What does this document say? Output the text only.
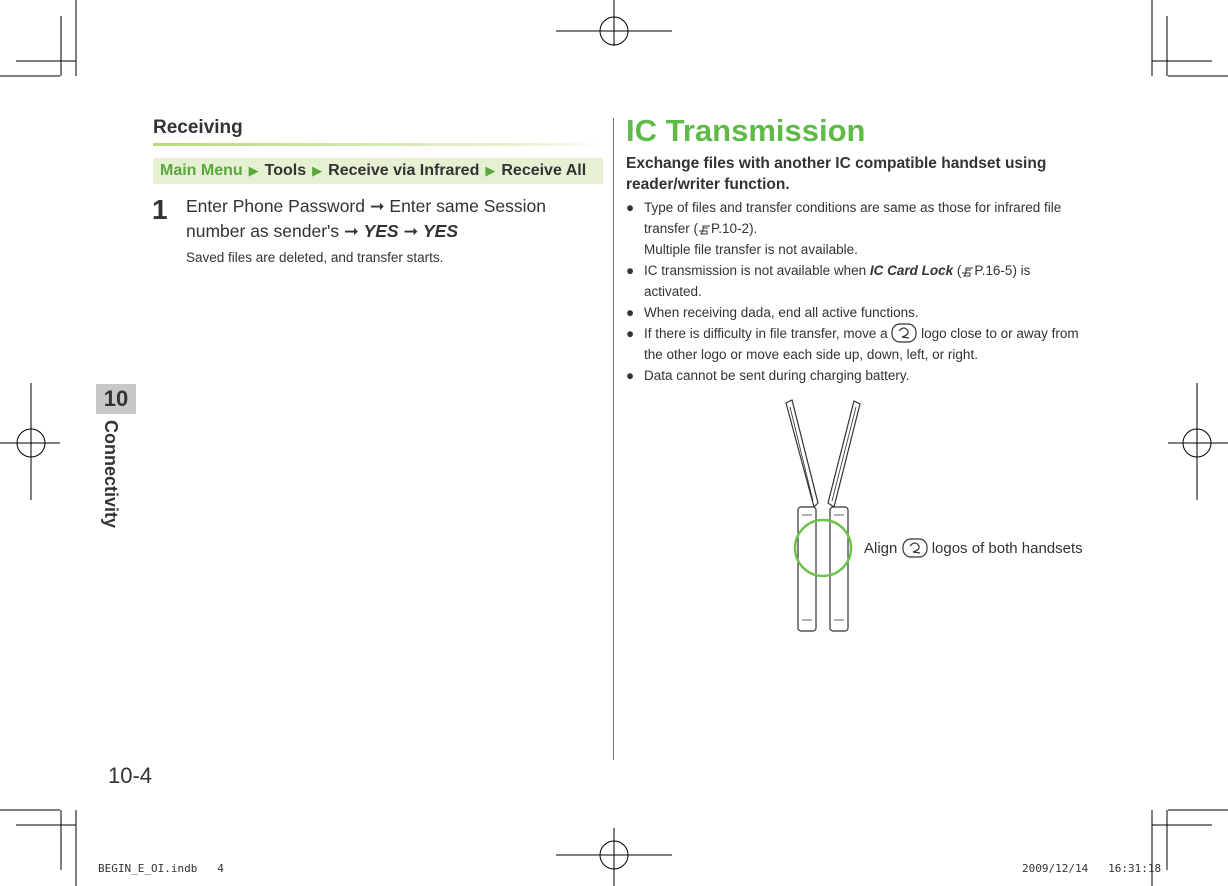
10
Connectivity
10-4
Receiving
Main Menu ▶ Tools ▶ Receive via Infrared ▶ Receive All
1 Enter Phone Password ➞ Enter same Session number as sender's ➞ YES ➞ YES
Saved files are deleted, and transfer starts.
IC Transmission
Exchange files with another IC compatible handset using reader/writer function.
● Type of files and transfer conditions are same as those for infrared file transfer ( P.10-2).
Multiple file transfer is not available.
● IC transmission is not available when IC Card Lock ( P.16-5) is activated.
● When receiving dada, end all active functions.
● If there is difficulty in file transfer, move a  logo close to or away from the other logo or move each side up, down, left, or right.
● Data cannot be sent during charging battery.
Align  logos of both handsets
BEGIN_E_OI.indb   4	2009/12/14   16:31:18
